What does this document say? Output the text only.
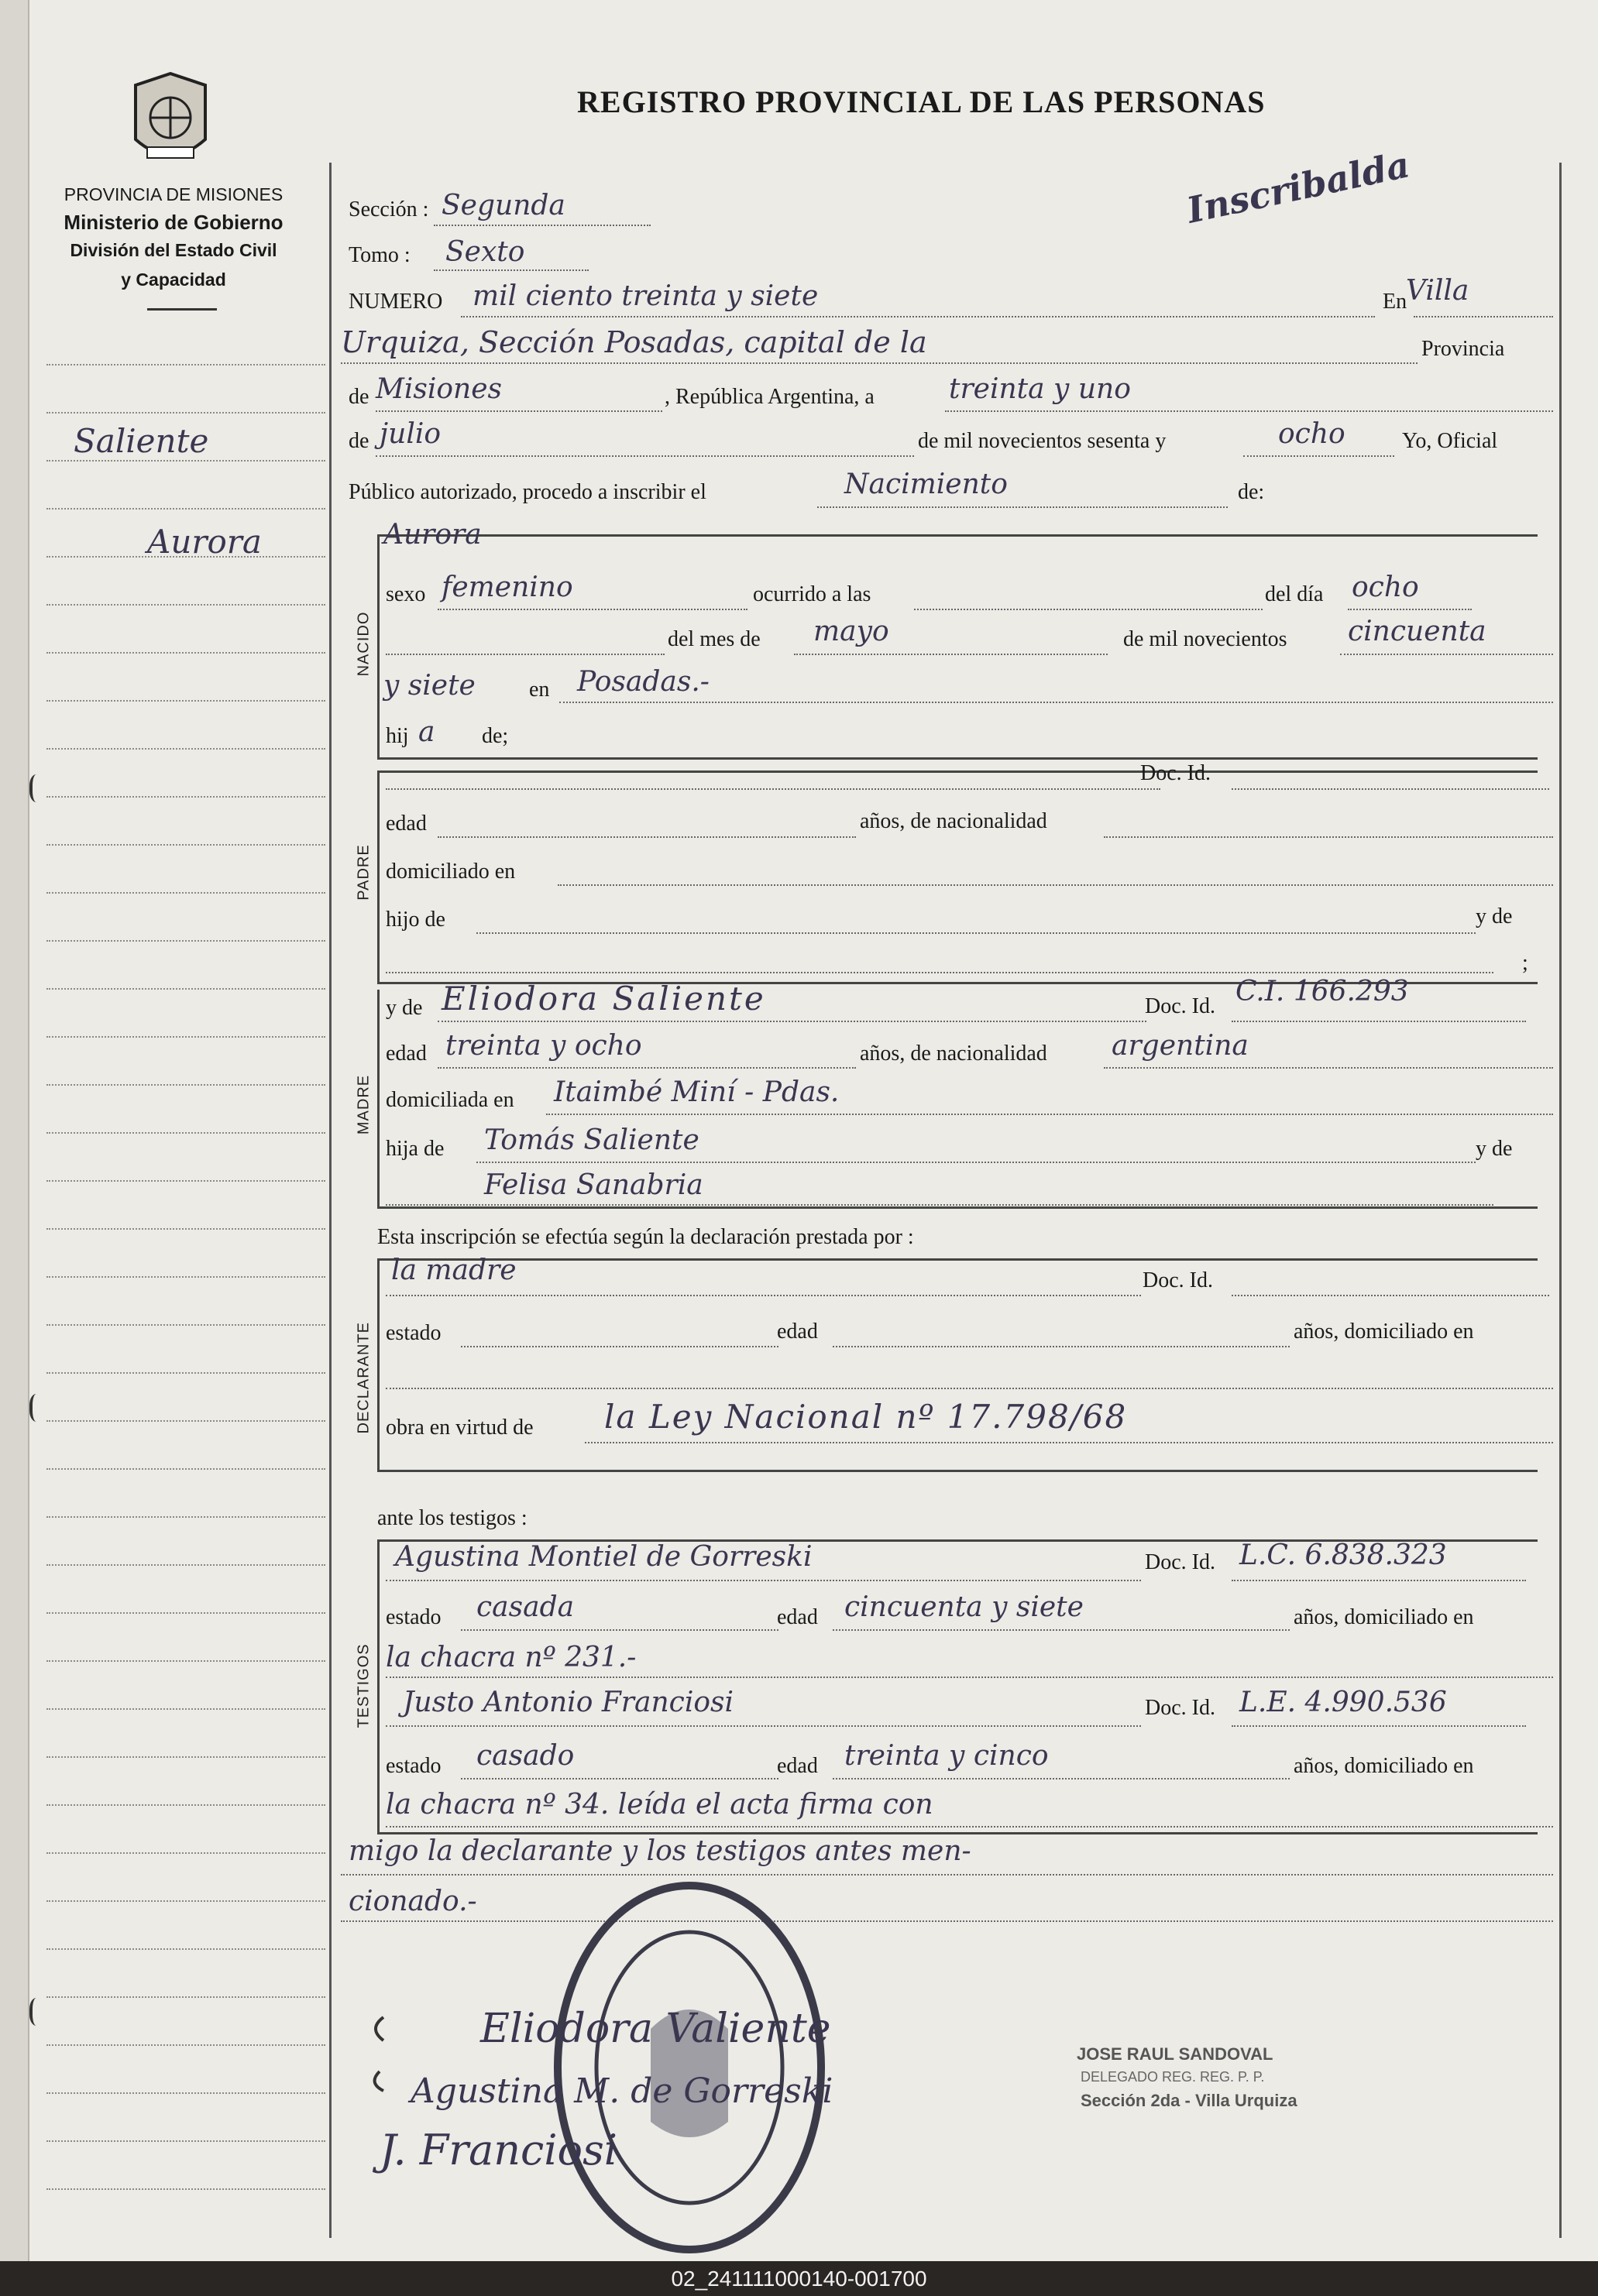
PROVINCIA DE MISIONES
Ministerio de Gobierno
División del Estado Civil
y Capacidad
REGISTRO PROVINCIAL DE LAS PERSONAS
Inscribalda
Saliente
Aurora
Sección : Segunda
Tomo : Sexto
NUMERO mil ciento treinta y siete	En
Villa
Urquiza, Sección Posadas, capital de la	Provincia
de Misiones	, República Argentina, a	treinta y uno
de julio	de mil novecientos sesenta y	ocho	Yo, Oficial
Público autorizado, procedo a inscribir el	Nacimiento	de:
NACIDO
Aurora
sexo femenino	ocurrido a las	del día ocho
del mes de mayo	de mil novecientos cincuenta
y siete en Posadas.-
hij a de;
PADRE
Doc. Id.
edad	años, de nacionalidad
domiciliado en
hijo de	y de
;
MADRE
y de Eliodora Saliente	Doc. Id. C.I. 166.293
edad treinta y ocho	años, de nacionalidad argentina
domiciliada en Itaimbé Miní - Pdas.
hija de Tomás Saliente	y de
Felisa Sanabria
Esta inscripción se efectúa según la declaración prestada por :
DECLARANTE
la madre	Doc. Id.
estado	edad	años, domiciliado en
obra en virtud de la Ley Nacional nº 17.798/68
ante los testigos :
TESTIGOS
Agustina Montiel de Gorreski	Doc. Id. L.C. 6.838.323
estado casada	edad cincuenta y siete	años, domiciliado en
la chacra nº 231.-
Justo Antonio Franciosi	Doc. Id. L.E. 4.990.536
estado casado	edad treinta y cinco	años, domiciliado en
la chacra nº 34. leída el acta firma con
migo la declarante y los testigos antes men-
cionado.-
Eliodora Valiente
Agustina M. de Gorreski
J. Franciosi
JOSE RAUL SANDOVAL
DELEGADO REG. REG. P. P.
Sección 2da - Villa Urquiza
02_241111000140-001700
